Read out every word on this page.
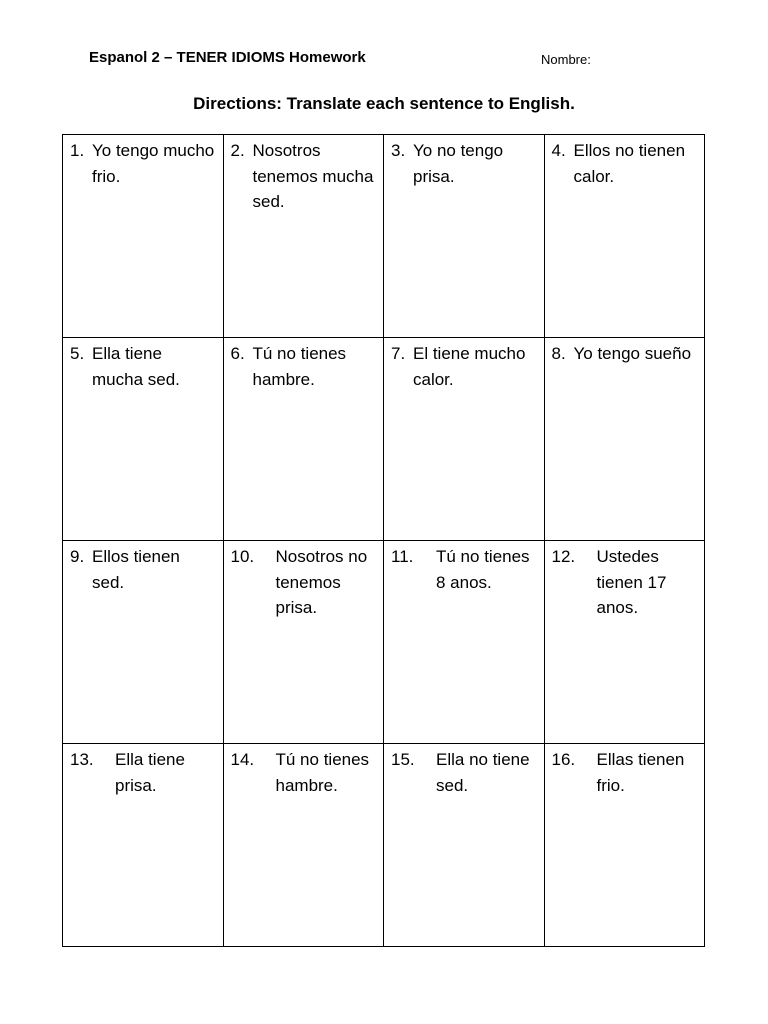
Espanol 2 – TENER IDIOMS Homework	Nombre:
Directions: Translate each sentence to English.
1. Yo tengo mucho frio.	2. Nosotros tenemos mucha sed.	3. Yo no tengo prisa.	4. Ellos no tienen calor.

5. Ella tiene mucha sed.	6. Tú no tienes hambre.	7. El tiene mucho calor.	8. Yo tengo sueño

9. Ellos tienen sed.	10. Nosotros no tenemos prisa.	11. Tú no tienes 8 anos.	12. Ustedes tienen 17 anos.

13. Ella tiene prisa.	14. Tú no tienes hambre.	15. Ella no tiene sed.	16. Ellas tienen frio.
